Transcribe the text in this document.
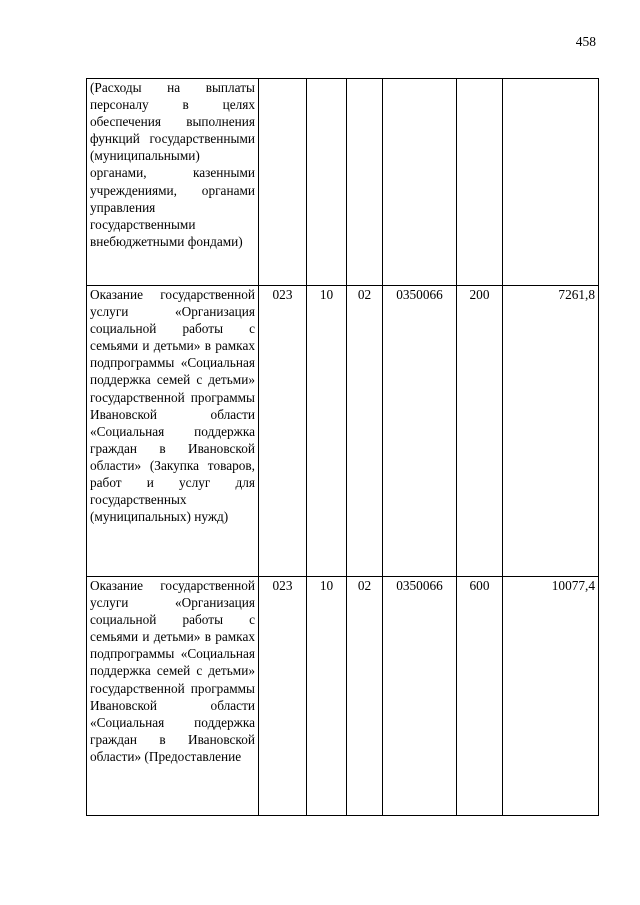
458
(Расходы на выплаты персоналу в целях обеспечения выполнения функций государственными (муниципальными) органами, казенными учреждениями, органами управления государственными внебюджетными фондами)						
Оказание государственной услуги «Организация социальной работы с семьями и детьми» в рамках подпрограммы «Социальная поддержка семей с детьми» государственной программы Ивановской области «Социальная поддержка граждан в Ивановской области» (Закупка товаров, работ и услуг для государственных (муниципальных) нужд)	023	10	02	0350066	200	7261,8
Оказание государственной услуги «Организация социальной работы с семьями и детьми» в рамках подпрограммы «Социальная поддержка семей с детьми» государственной программы Ивановской области «Социальная поддержка граждан в Ивановской области» (Предоставление	023	10	02	0350066	600	10077,4
